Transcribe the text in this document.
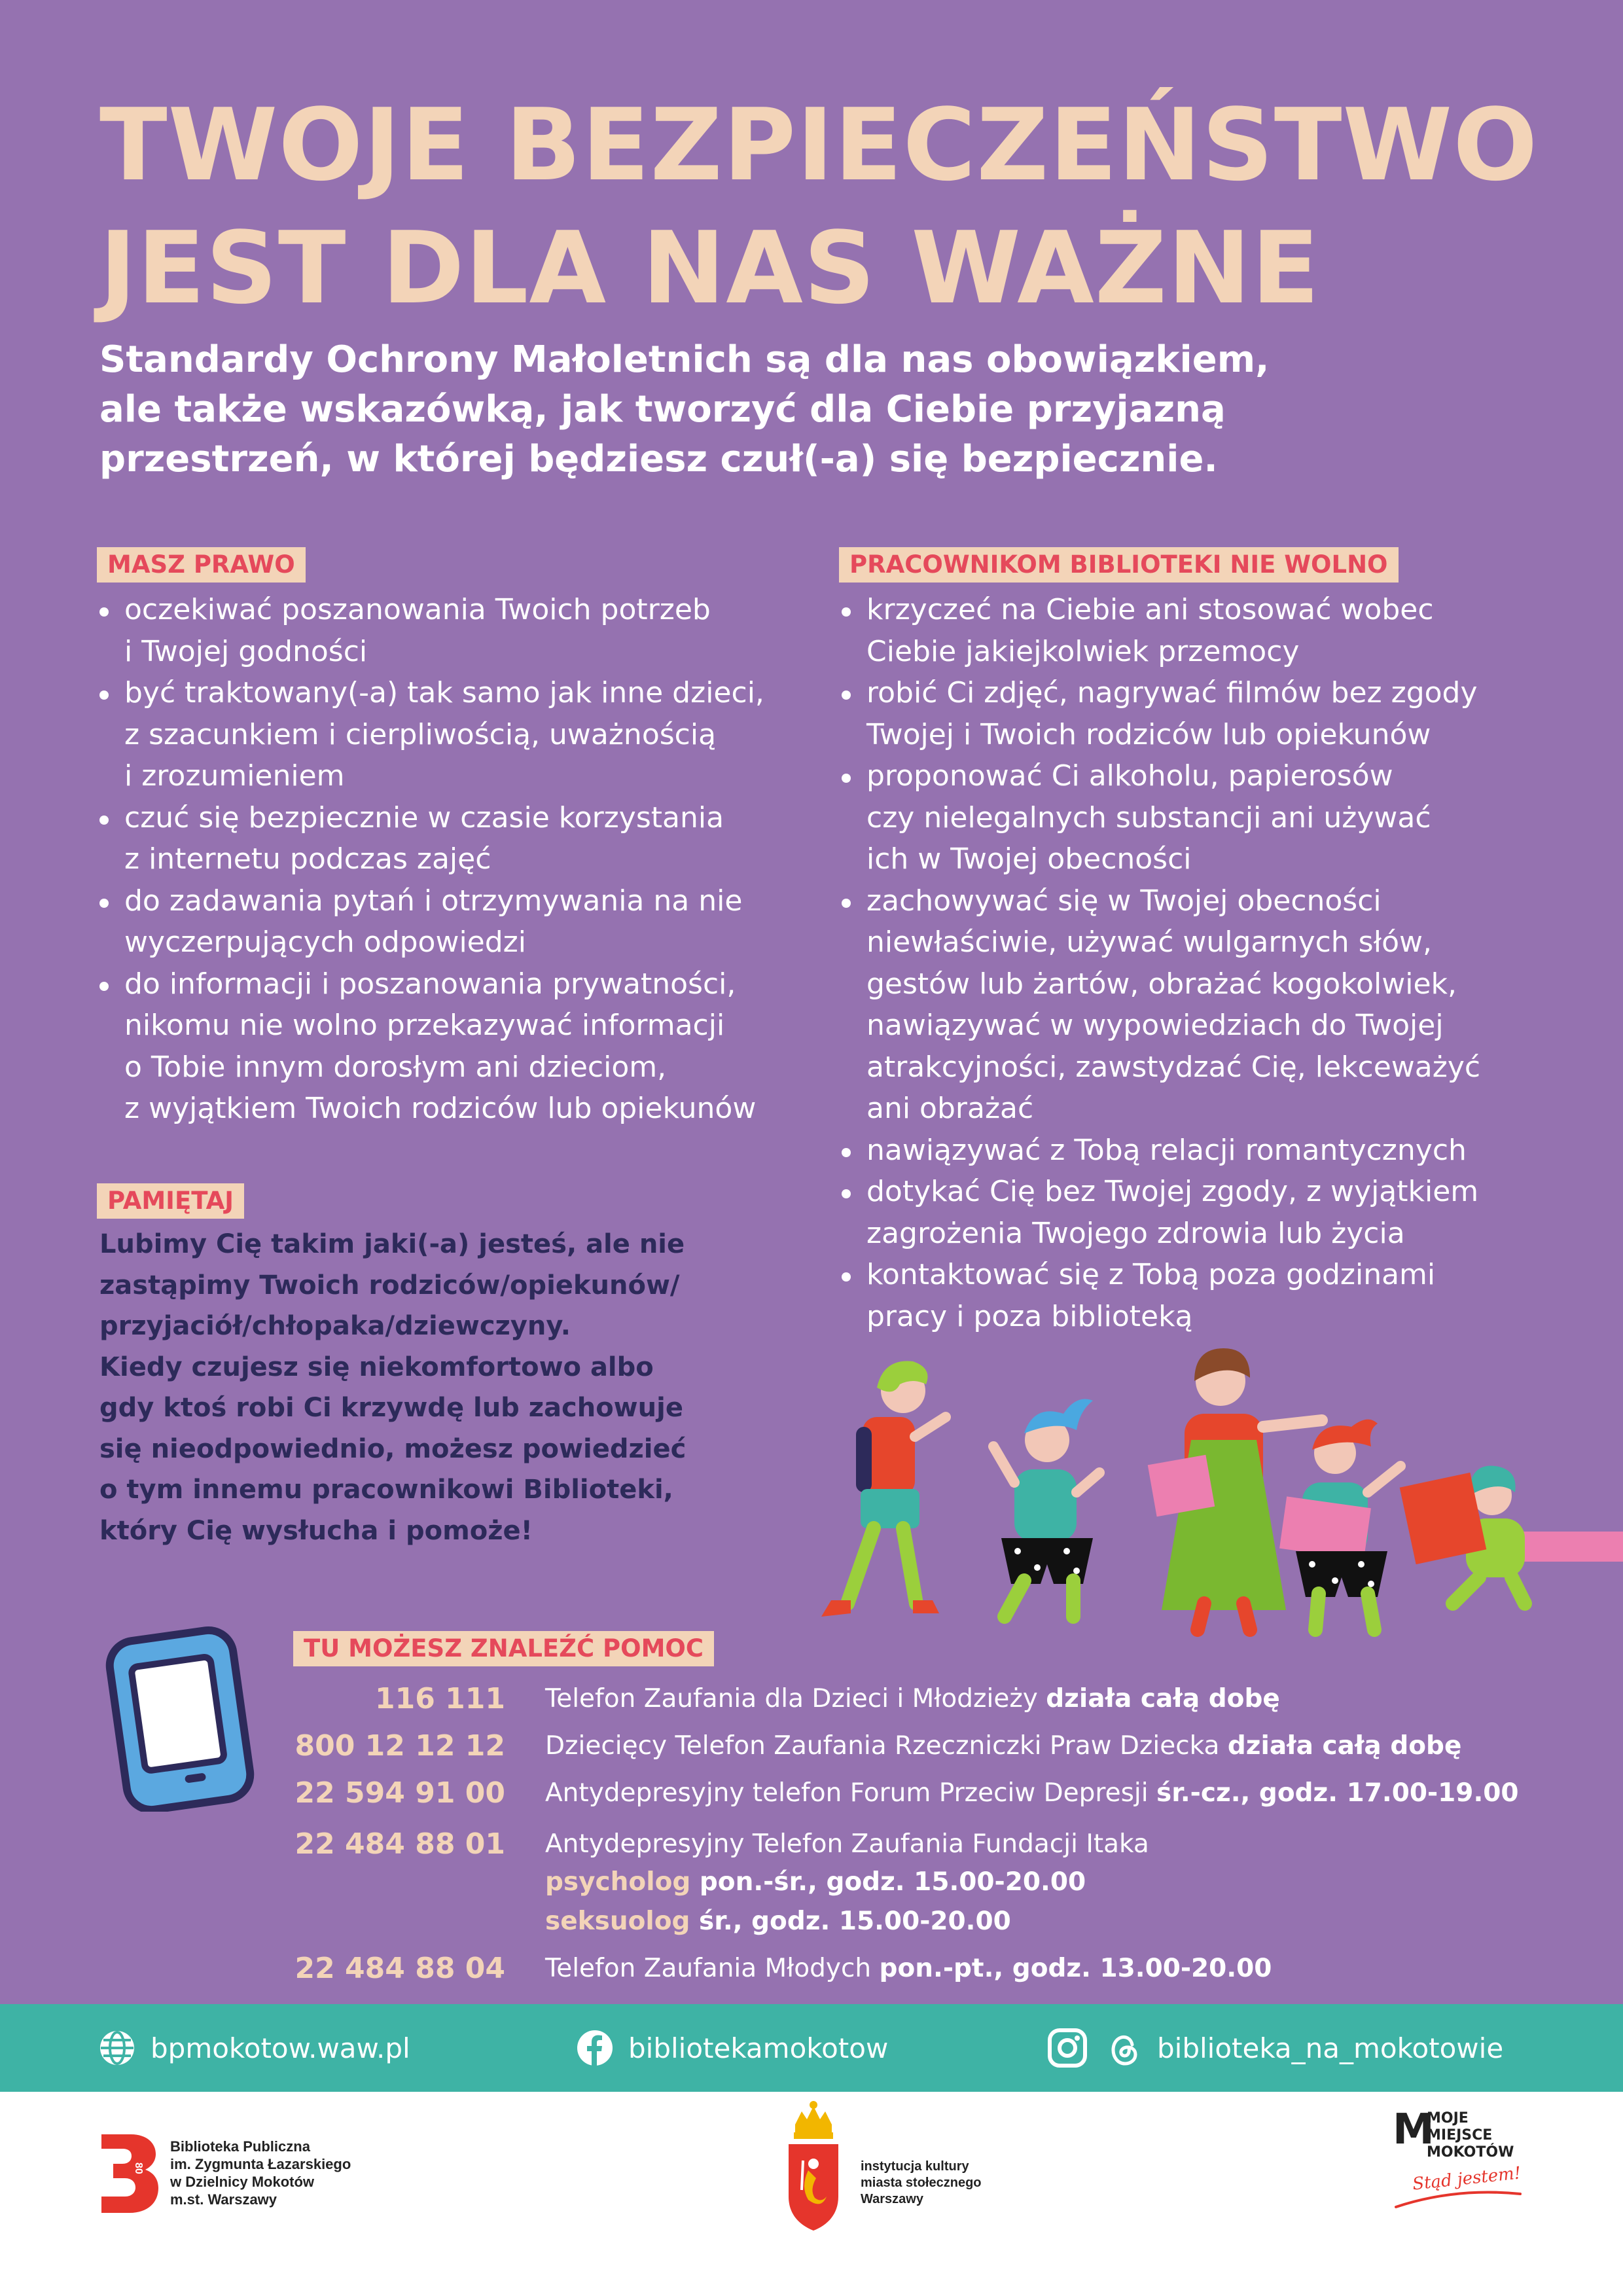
TWOJE BEZPIECZEŃSTWO
JEST DLA NAS WAŻNE
Standardy Ochrony Małoletnich są dla nas obowiązkiem,
ale także wskazówką, jak tworzyć dla Ciebie przyjazną
przestrzeń, w której będziesz czuł(-a) się bezpiecznie.
MASZ PRAWO
oczekiwać poszanowania Twoich potrzeb
i Twojej godności
być traktowany(-a) tak samo jak inne dzieci,
z szacunkiem i cierpliwością, uważnością
i zrozumieniem
czuć się bezpiecznie w czasie korzystania
z internetu podczas zajęć
do zadawania pytań i otrzymywania na nie
wyczerpujących odpowiedzi
do informacji i poszanowania prywatności,
nikomu nie wolno przekazywać informacji
o Tobie innym dorosłym ani dzieciom,
z wyjątkiem Twoich rodziców lub opiekunów
PRACOWNIKOM BIBLIOTEKI NIE WOLNO
krzyczeć na Ciebie ani stosować wobec
Ciebie jakiejkolwiek przemocy
robić Ci zdjęć, nagrywać filmów bez zgody
Twojej i Twoich rodziców lub opiekunów
proponować Ci alkoholu, papierosów
czy nielegalnych substancji ani używać
ich w Twojej obecności
zachowywać się w Twojej obecności
niewłaściwie, używać wulgarnych słów,
gestów lub żartów, obrażać kogokolwiek,
nawiązywać w wypowiedziach do Twojej
atrakcyjności, zawstydzać Cię, lekceważyć
ani obrażać
nawiązywać z Tobą relacji romantycznych
dotykać Cię bez Twojej zgody, z wyjątkiem
zagrożenia Twojego zdrowia lub życia
kontaktować się z Tobą poza godzinami
pracy i poza biblioteką
PAMIĘTAJ
Lubimy Cię takim jaki(-a) jesteś, ale nie
zastąpimy Twoich rodziców/opiekunów/
przyjaciół/chłopaka/dziewczyny.
Kiedy czujesz się niekomfortowo albo
gdy ktoś robi Ci krzywdę lub zachowuje
się nieodpowiednio, możesz powiedzieć
o tym innemu pracownikowi Biblioteki,
który Cię wysłucha i pomoże!
TU MOŻESZ ZNALEŹĆ POMOC
116 111 Telefon Zaufania dla Dzieci i Młodzieży działa całą dobę
800 12 12 12 Dziecięcy Telefon Zaufania Rzeczniczki Praw Dziecka działa całą dobę
22 594 91 00 Antydepresyjny telefon Forum Przeciw Depresji śr.-cz., godz. 17.00-19.00
22 484 88 01 Antydepresyjny Telefon Zaufania Fundacji Itaka
psycholog pon.-śr., godz. 15.00-20.00
seksuolog śr., godz. 15.00-20.00
22 484 88 04 Telefon Zaufania Młodych pon.-pt., godz. 13.00-20.00
bpmokotow.waw.pl	bibliotekamokotow	biblioteka_na_mokotowie
80
Biblioteka Publiczna
im. Zygmunta Łazarskiego
w Dzielnicy Mokotów
m.st. Warszawy
instytucja kultury
miasta stołecznego
Warszawy
M
MOJE
MIEJSCE
MOKOTÓW
Stąd jestem!
